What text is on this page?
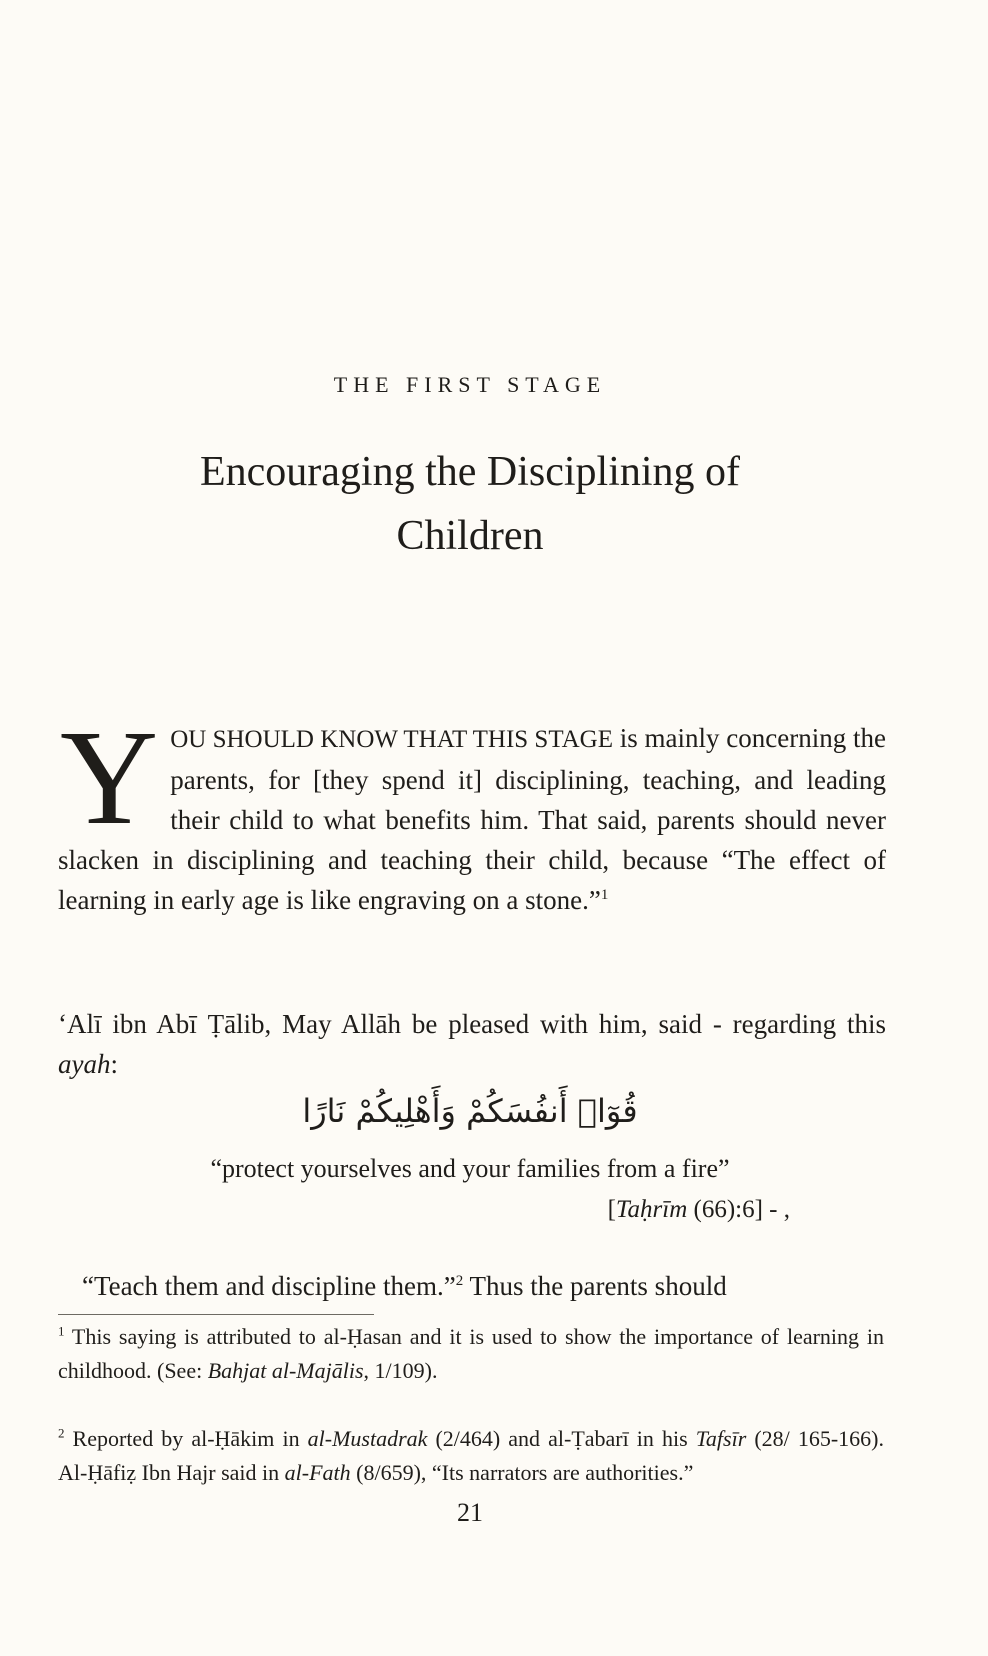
THE FIRST STAGE
Encouraging the Disciplining of
Children

YOU SHOULD KNOW THAT THIS STAGE is mainly concerning the parents, for [they spend it] disciplining, teaching, and leading their child to what benefits him. That said, parents should never slacken in disciplining and teaching their child, because “The effect of learning in early age is like engraving on a stone.”$^1$

‘Alī ibn Abī Ṭālib, May Allāh be pleased with him, said - regarding this ayah:

قُوٓا۟ أَنفُسَكُمْ وَأَهْلِيكُمْ نَارًا
“protect yourselves and your families from a fire”
[Taḥrīm (66):6] - ,

“Teach them and discipline them.”$^2$ Thus the parents should

$^1$ This saying is attributed to al-Ḥasan and it is used to show the importance of learning in childhood. (See: Bahjat al-Majālis, 1/109).

$^2$ Reported by al-Ḥākim in al-Mustadrak (2/464) and al-Ṭabarī in his Tafsīr (28/ 165-166). Al-Ḥāfiẓ Ibn Hajr said in al-Fath (8/659), “Its narrators are authorities.”

21
